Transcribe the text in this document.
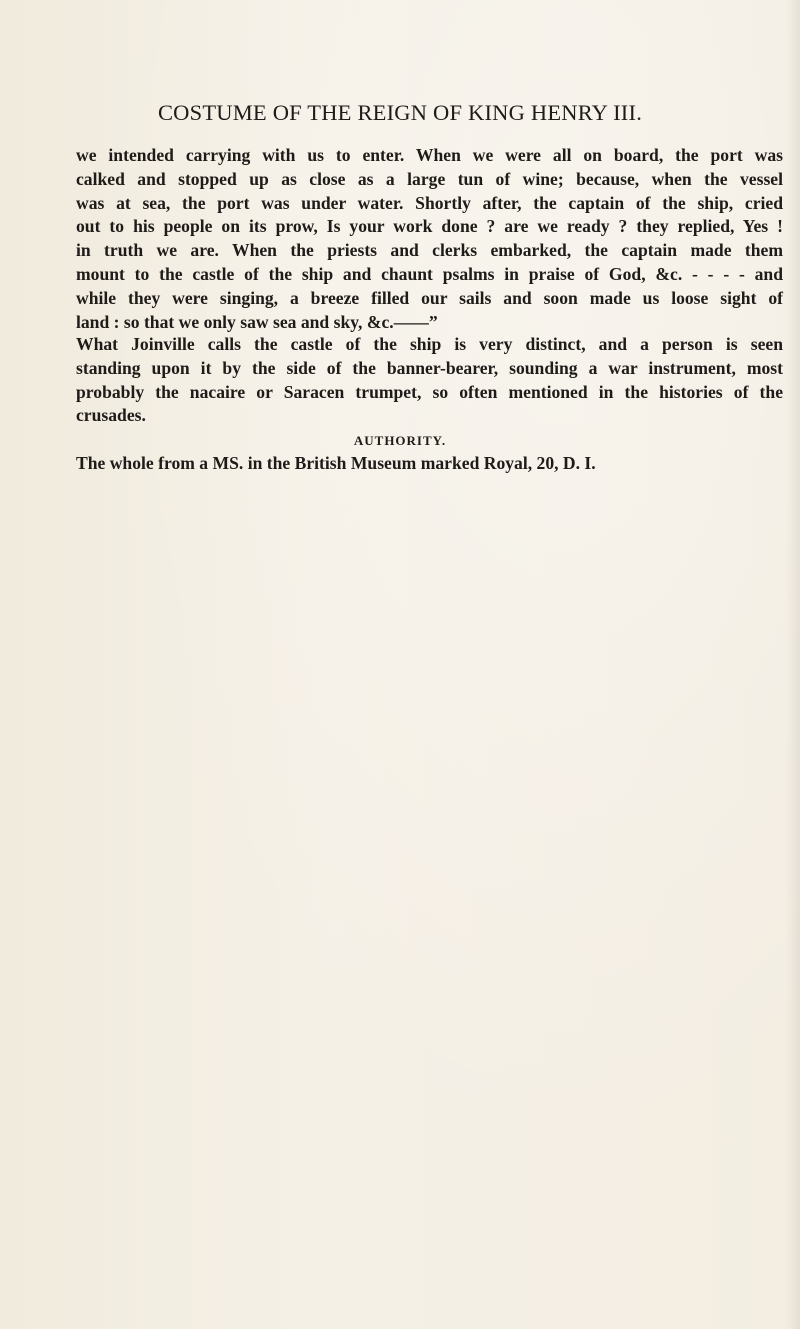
COSTUME OF THE REIGN OF KING HENRY III.
we intended carrying with us to enter. When we were all on board, the port was
calked and stopped up as close as a large tun of wine; because, when the vessel
was at sea, the port was under water. Shortly after, the captain of the ship, cried
out to his people on its prow, Is your work done ? are we ready ? they replied, Yes !
in truth we are. When the priests and clerks embarked, the captain made them
mount to the castle of the ship and chaunt psalms in praise of God, &c. - - - - and
while they were singing, a breeze filled our sails and soon made us loose sight of
land : so that we only saw sea and sky, &c.——”
What Joinville calls the castle of the ship is very distinct, and a person is seen
standing upon it by the side of the banner-bearer, sounding a war instrument, most
probably the nacaire or Saracen trumpet, so often mentioned in the histories of the
crusades.
AUTHORITY.
The whole from a MS. in the British Museum marked Royal, 20, D. I.
